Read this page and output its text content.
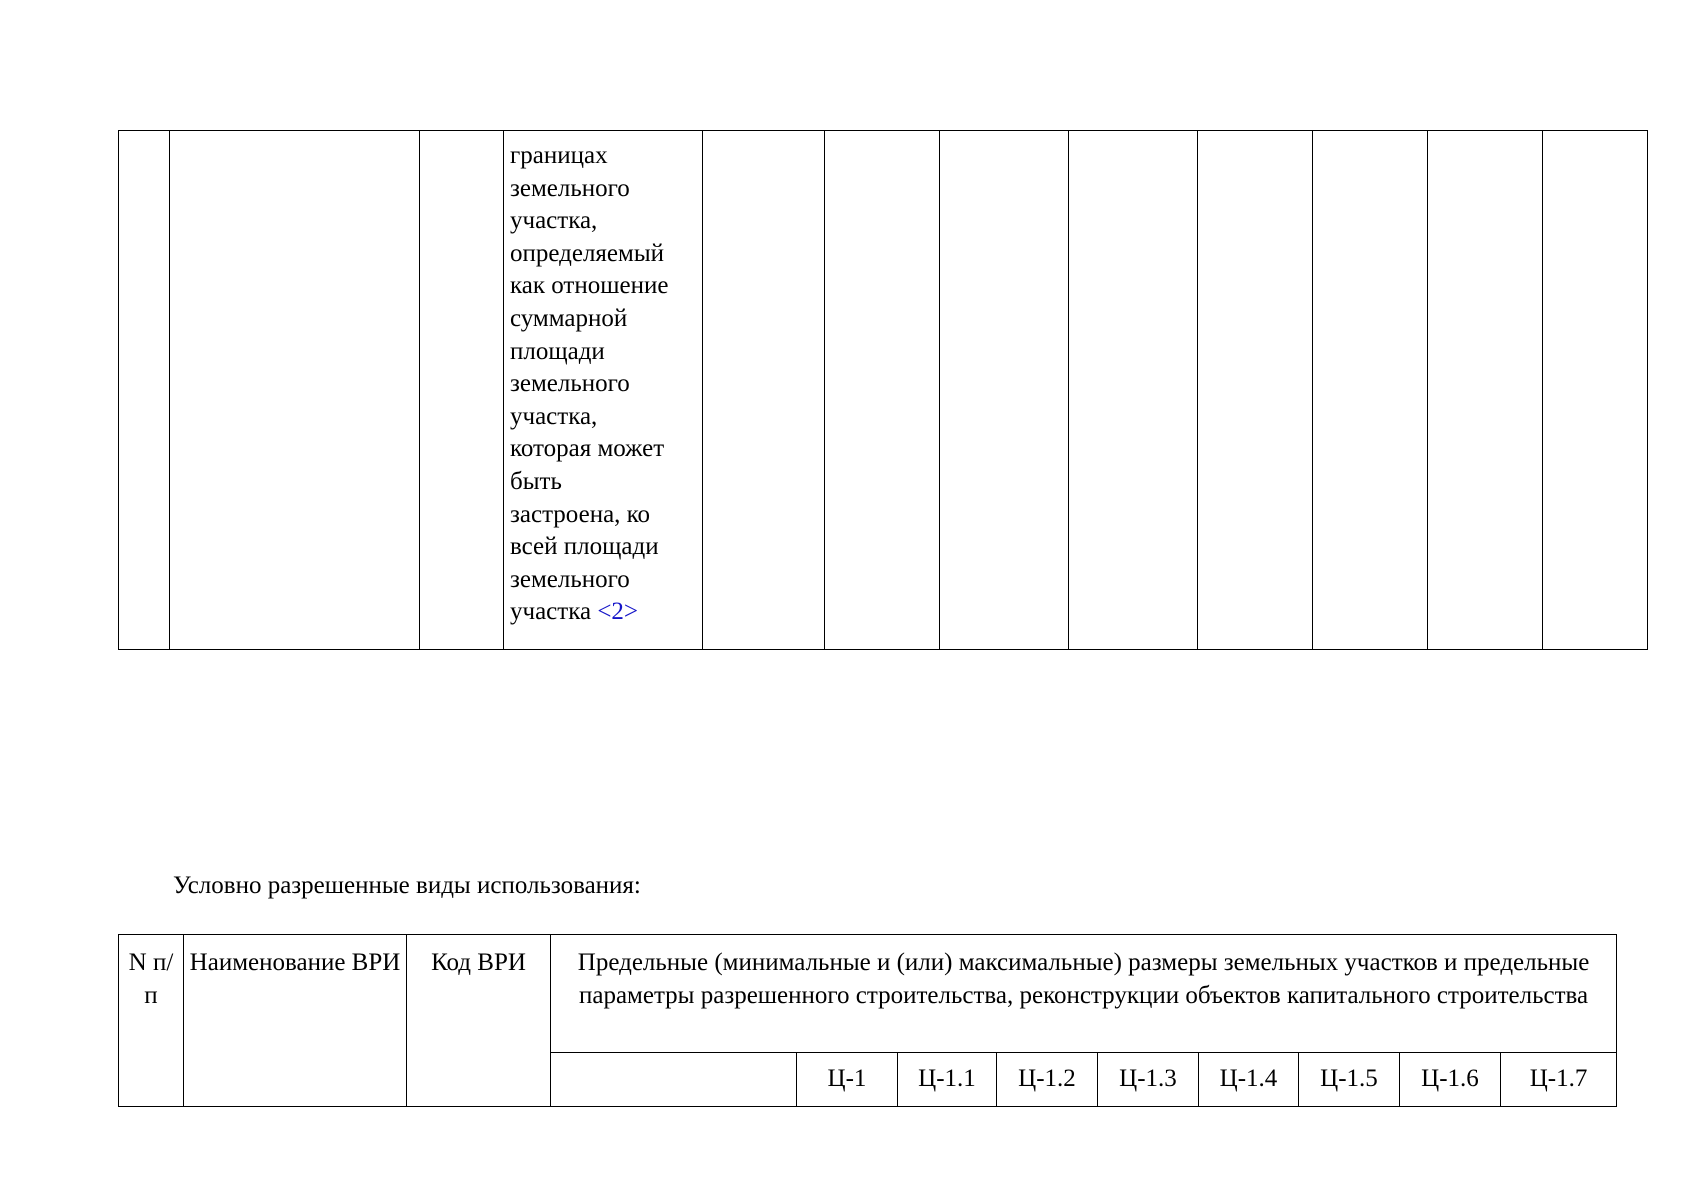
границах
земельного
участка,
определяемый
как отношение
суммарной
площади
земельного
участка,
которая может
быть
застроена, ко
всей площади
земельного
участка <2>

Условно разрешенные виды использования:

N п/п	Наименование ВРИ	Код ВРИ	Предельные (минимальные и (или) максимальные) размеры земельных участков и предельные параметры разрешенного строительства, реконструкции объектов капитального строительства								
				Ц-1	Ц-1.1	Ц-1.2	Ц-1.3	Ц-1.4	Ц-1.5	Ц-1.6	Ц-1.7
